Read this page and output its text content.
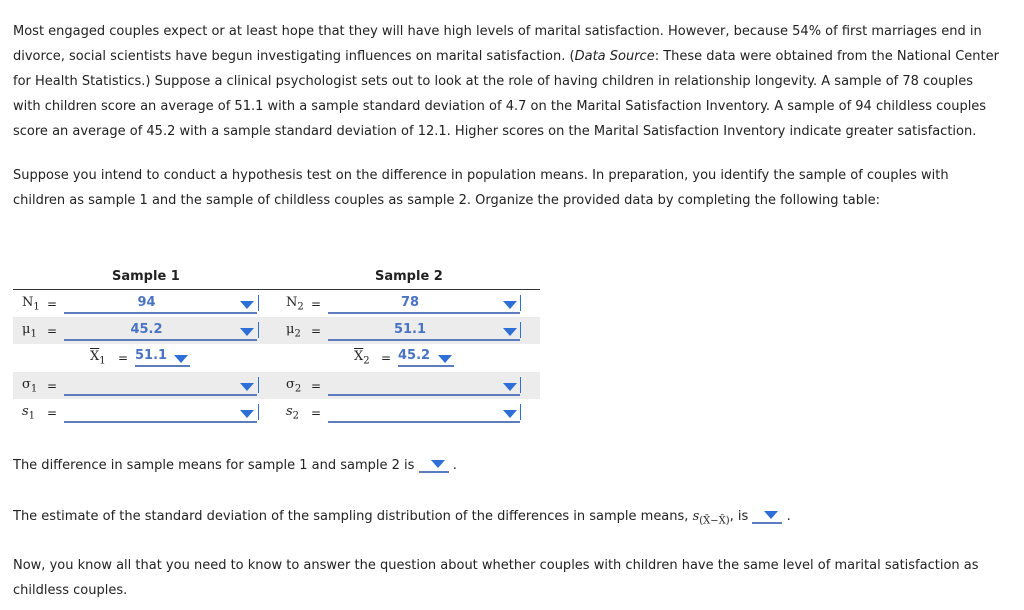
Most engaged couples expect or at least hope that they will have high levels of marital satisfaction. However, because 54% of first marriages end in divorce, social scientists have begun investigating influences on marital satisfaction. (Data Source: These data were obtained from the National Center for Health Statistics.) Suppose a clinical psychologist sets out to look at the role of having children in relationship longevity. A sample of 78 couples with children score an average of 51.1 with a sample standard deviation of 4.7 on the Marital Satisfaction Inventory. A sample of 94 childless couples score an average of 45.2 with a sample standard deviation of 12.1. Higher scores on the Marital Satisfaction Inventory indicate greater satisfaction.

Suppose you intend to conduct a hypothesis test on the difference in population means. In preparation, you identify the sample of couples with children as sample 1 and the sample of childless couples as sample 2. Organize the provided data by completing the following table:

Sample 1	Sample 2
$N_1$ =	94	$N_2$ =	78
$\mu_1$ =	45.2	$\mu_2$ =	51.1
$\overline{X}_1 = 51.1$	$\overline{X}_2 = 45.2$
$\sigma_1$ =	$\sigma_2$ =
$s_1$ =	$s_2$ =
The difference in sample means for sample 1 and sample 2 is	.
The estimate of the standard deviation of the sampling distribution of the differences in sample means, $s_{(X̄-X̄)}$, is	.

Now, you know all that you need to know to answer the question about whether couples with children have the same level of marital satisfaction as childless couples.
